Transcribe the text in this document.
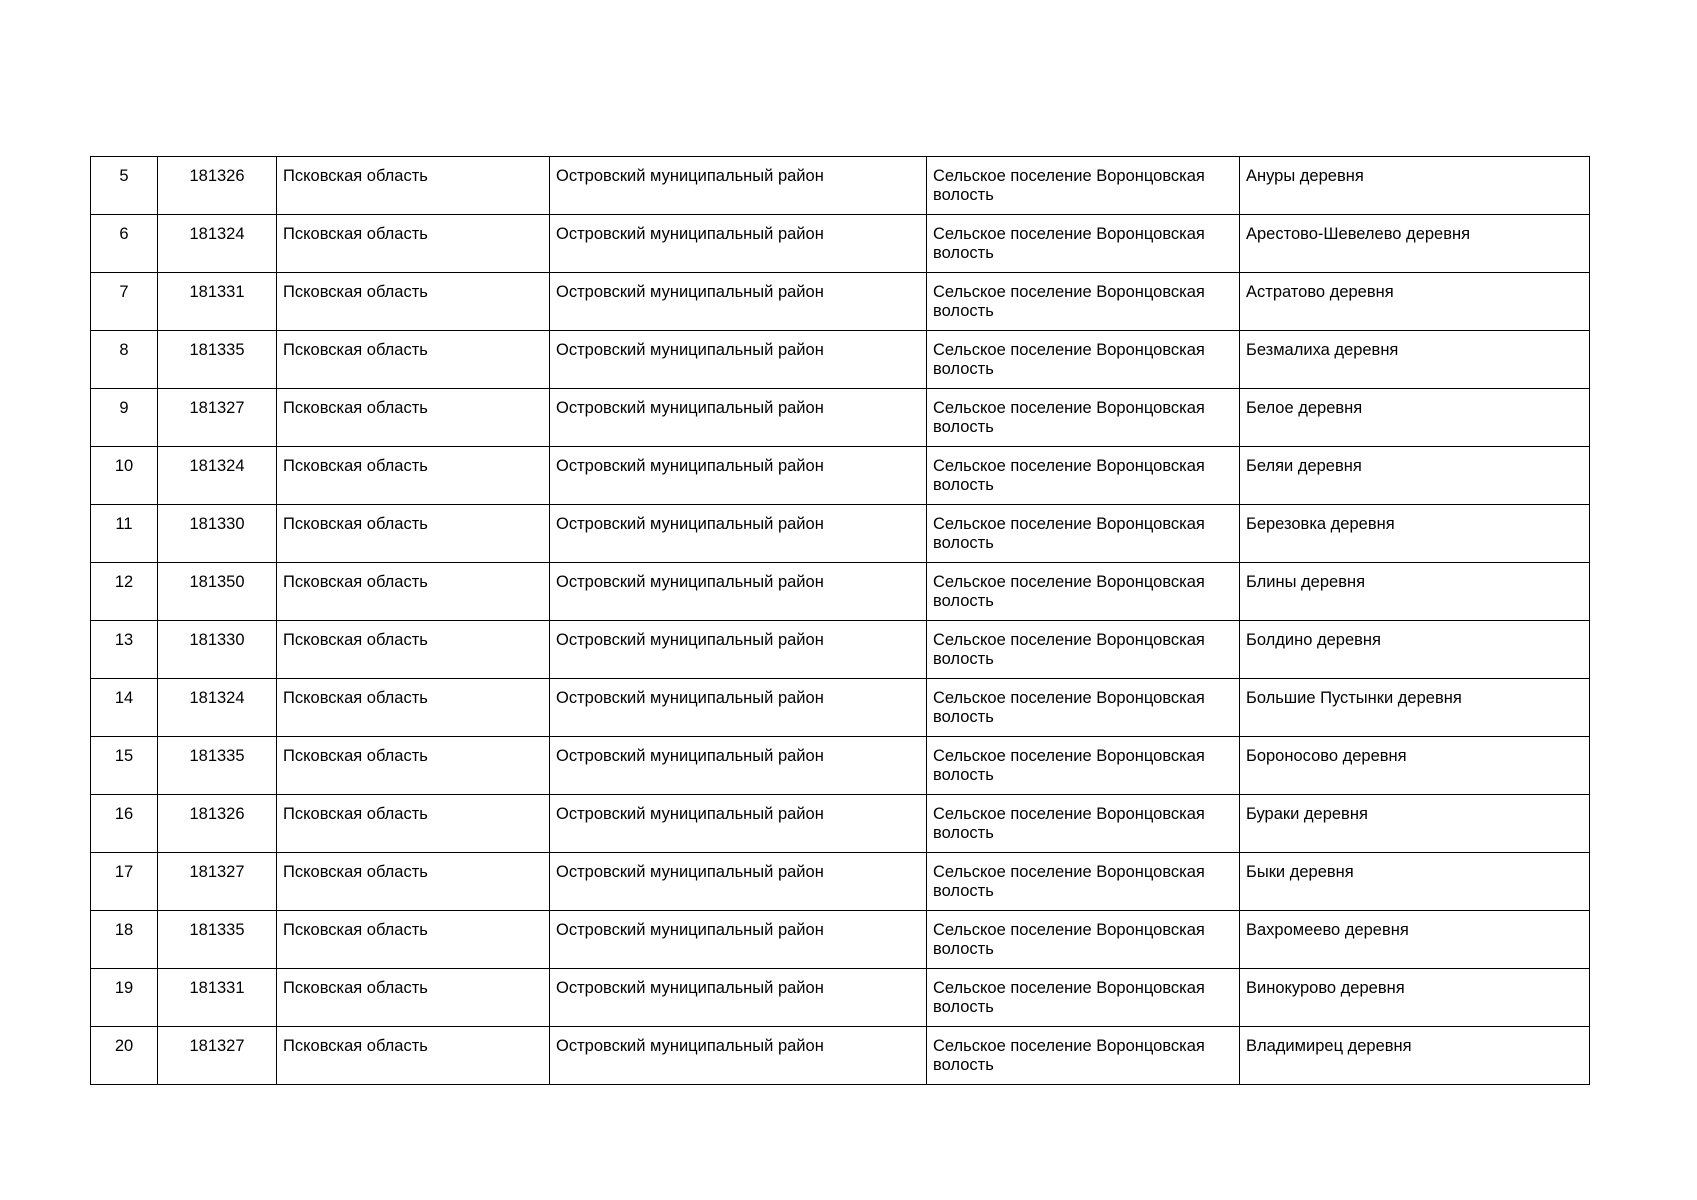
5	181326	Псковская область	Островский муниципальный район	Сельское поселение Воронцовская волость	Ануры деревня
6	181324	Псковская область	Островский муниципальный район	Сельское поселение Воронцовская волость	Арестово-Шевелево деревня
7	181331	Псковская область	Островский муниципальный район	Сельское поселение Воронцовская волость	Астратово деревня
8	181335	Псковская область	Островский муниципальный район	Сельское поселение Воронцовская волость	Безмалиха деревня
9	181327	Псковская область	Островский муниципальный район	Сельское поселение Воронцовская волость	Белое деревня
10	181324	Псковская область	Островский муниципальный район	Сельское поселение Воронцовская волость	Беляи деревня
11	181330	Псковская область	Островский муниципальный район	Сельское поселение Воронцовская волость	Березовка деревня
12	181350	Псковская область	Островский муниципальный район	Сельское поселение Воронцовская волость	Блины деревня
13	181330	Псковская область	Островский муниципальный район	Сельское поселение Воронцовская волость	Болдино деревня
14	181324	Псковская область	Островский муниципальный район	Сельское поселение Воронцовская волость	Большие Пустынки деревня
15	181335	Псковская область	Островский муниципальный район	Сельское поселение Воронцовская волость	Бороносово деревня
16	181326	Псковская область	Островский муниципальный район	Сельское поселение Воронцовская волость	Бураки деревня
17	181327	Псковская область	Островский муниципальный район	Сельское поселение Воронцовская волость	Быки деревня
18	181335	Псковская область	Островский муниципальный район	Сельское поселение Воронцовская волость	Вахромеево деревня
19	181331	Псковская область	Островский муниципальный район	Сельское поселение Воронцовская волость	Винокурово деревня
20	181327	Псковская область	Островский муниципальный район	Сельское поселение Воронцовская волость	Владимирец деревня
